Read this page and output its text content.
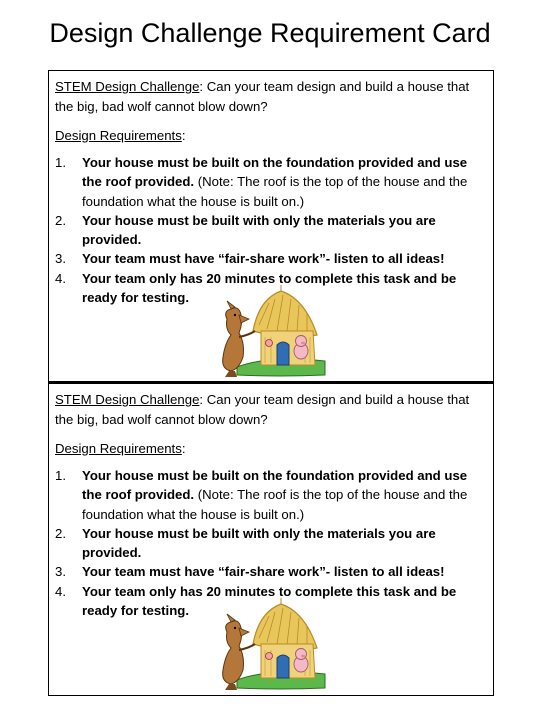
Design Challenge Requirement Card
STEM Design Challenge: Can your team design and build a house that the big, bad wolf cannot blow down?
Design Requirements:
1. Your house must be built on the foundation provided and use the roof provided. (Note: The roof is the top of the house and the foundation what the house is built on.)
2. Your house must be built with only the materials you are provided.
3. Your team must have “fair-share work”- listen to all ideas!
4. Your team only has 20 minutes to complete this task and be ready for testing.
STEM Design Challenge: Can your team design and build a house that the big, bad wolf cannot blow down?
Design Requirements:
1. Your house must be built on the foundation provided and use the roof provided. (Note: The roof is the top of the house and the foundation what the house is built on.)
2. Your house must be built with only the materials you are provided.
3. Your team must have “fair-share work”- listen to all ideas!
4. Your team only has 20 minutes to complete this task and be ready for testing.
